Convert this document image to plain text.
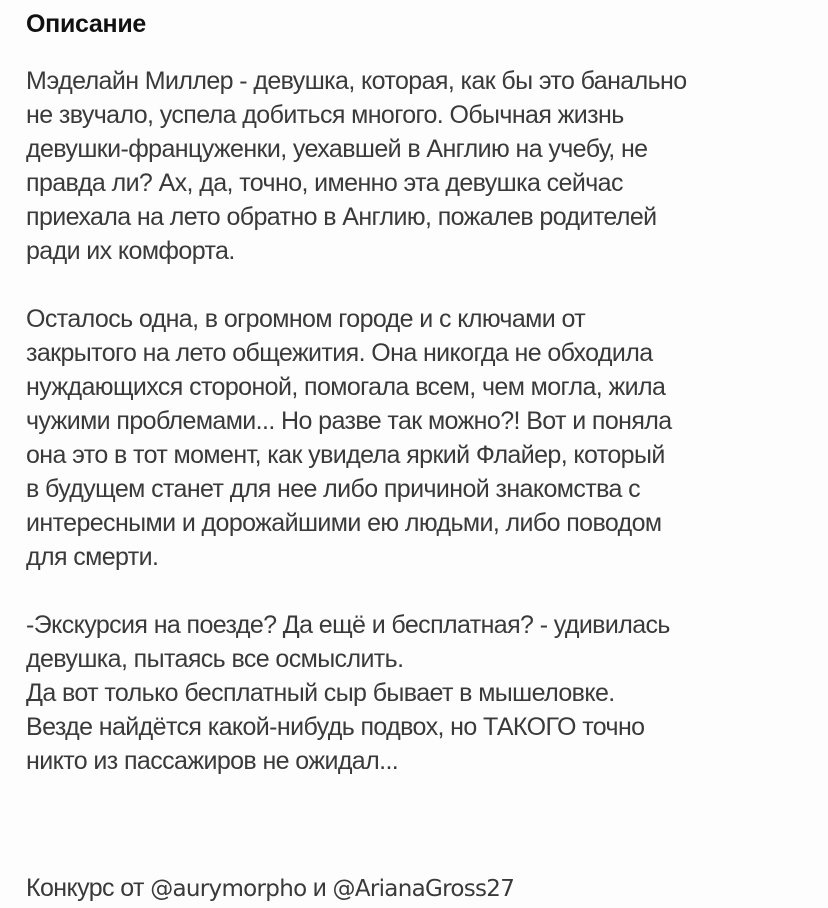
Описание
Мэделайн Миллер - девушка, которая, как бы это банально
не звучало, успела добиться многого. Обычная жизнь
девушки-француженки, уехавшей в Англию на учебу, не
правда ли? Ах, да, точно, именно эта девушка сейчас
приехала на лето обратно в Англию, пожалев родителей
ради их комфорта.
Осталось одна, в огромном городе и с ключами от
закрытого на лето общежития. Она никогда не обходила
нуждающихся стороной, помогала всем, чем могла, жила
чужими проблемами... Но разве так можно?! Вот и поняла
она это в тот момент, как увидела яркий Флайер, который
в будущем станет для нее либо причиной знакомства с
интересными и дорожайшими ею людьми, либо поводом
для смерти.
-Экскурсия на поезде? Да ещё и бесплатная? - удивилась
девушка, пытаясь все осмыслить.
Да вот только бесплатный сыр бывает в мышеловке.
Везде найдётся какой-нибудь подвох, но ТАКОГО точно
никто из пассажиров не ожидал...
Конкурс от @aurymorpho и @ArianaGross27
